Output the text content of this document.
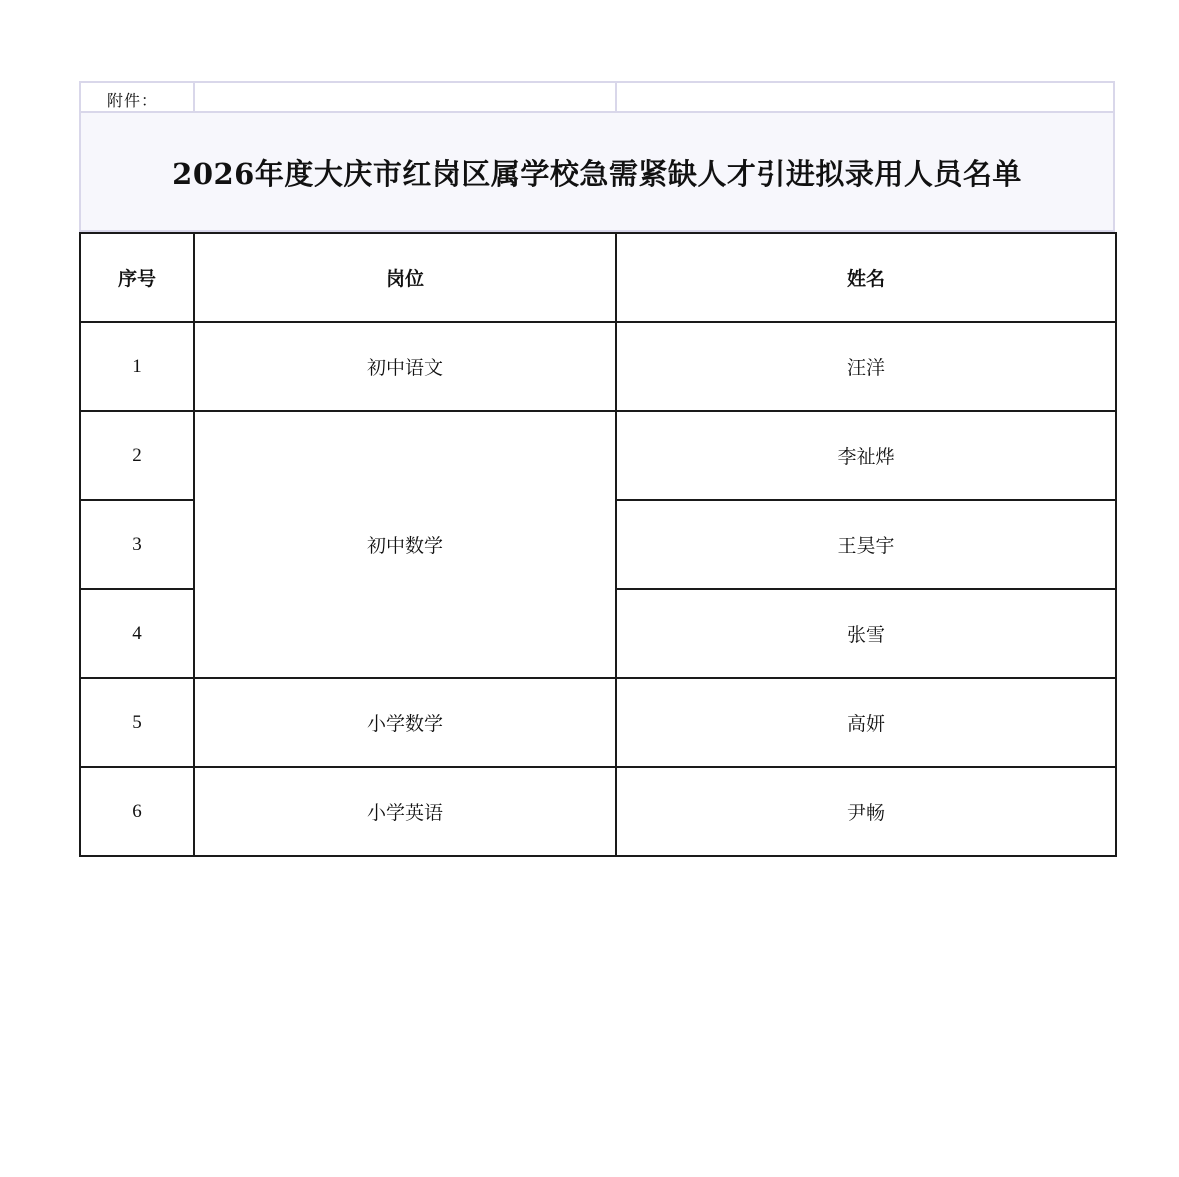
附件：
2026年度大庆市红岗区属学校急需紧缺人才引进拟录用人员名单
序号	岗位	姓名
1	初中语文	汪洋
2	初中数学	李祉烨
3		王昊宇
4		张雪
5	小学数学	高妍
6	小学英语	尹畅
